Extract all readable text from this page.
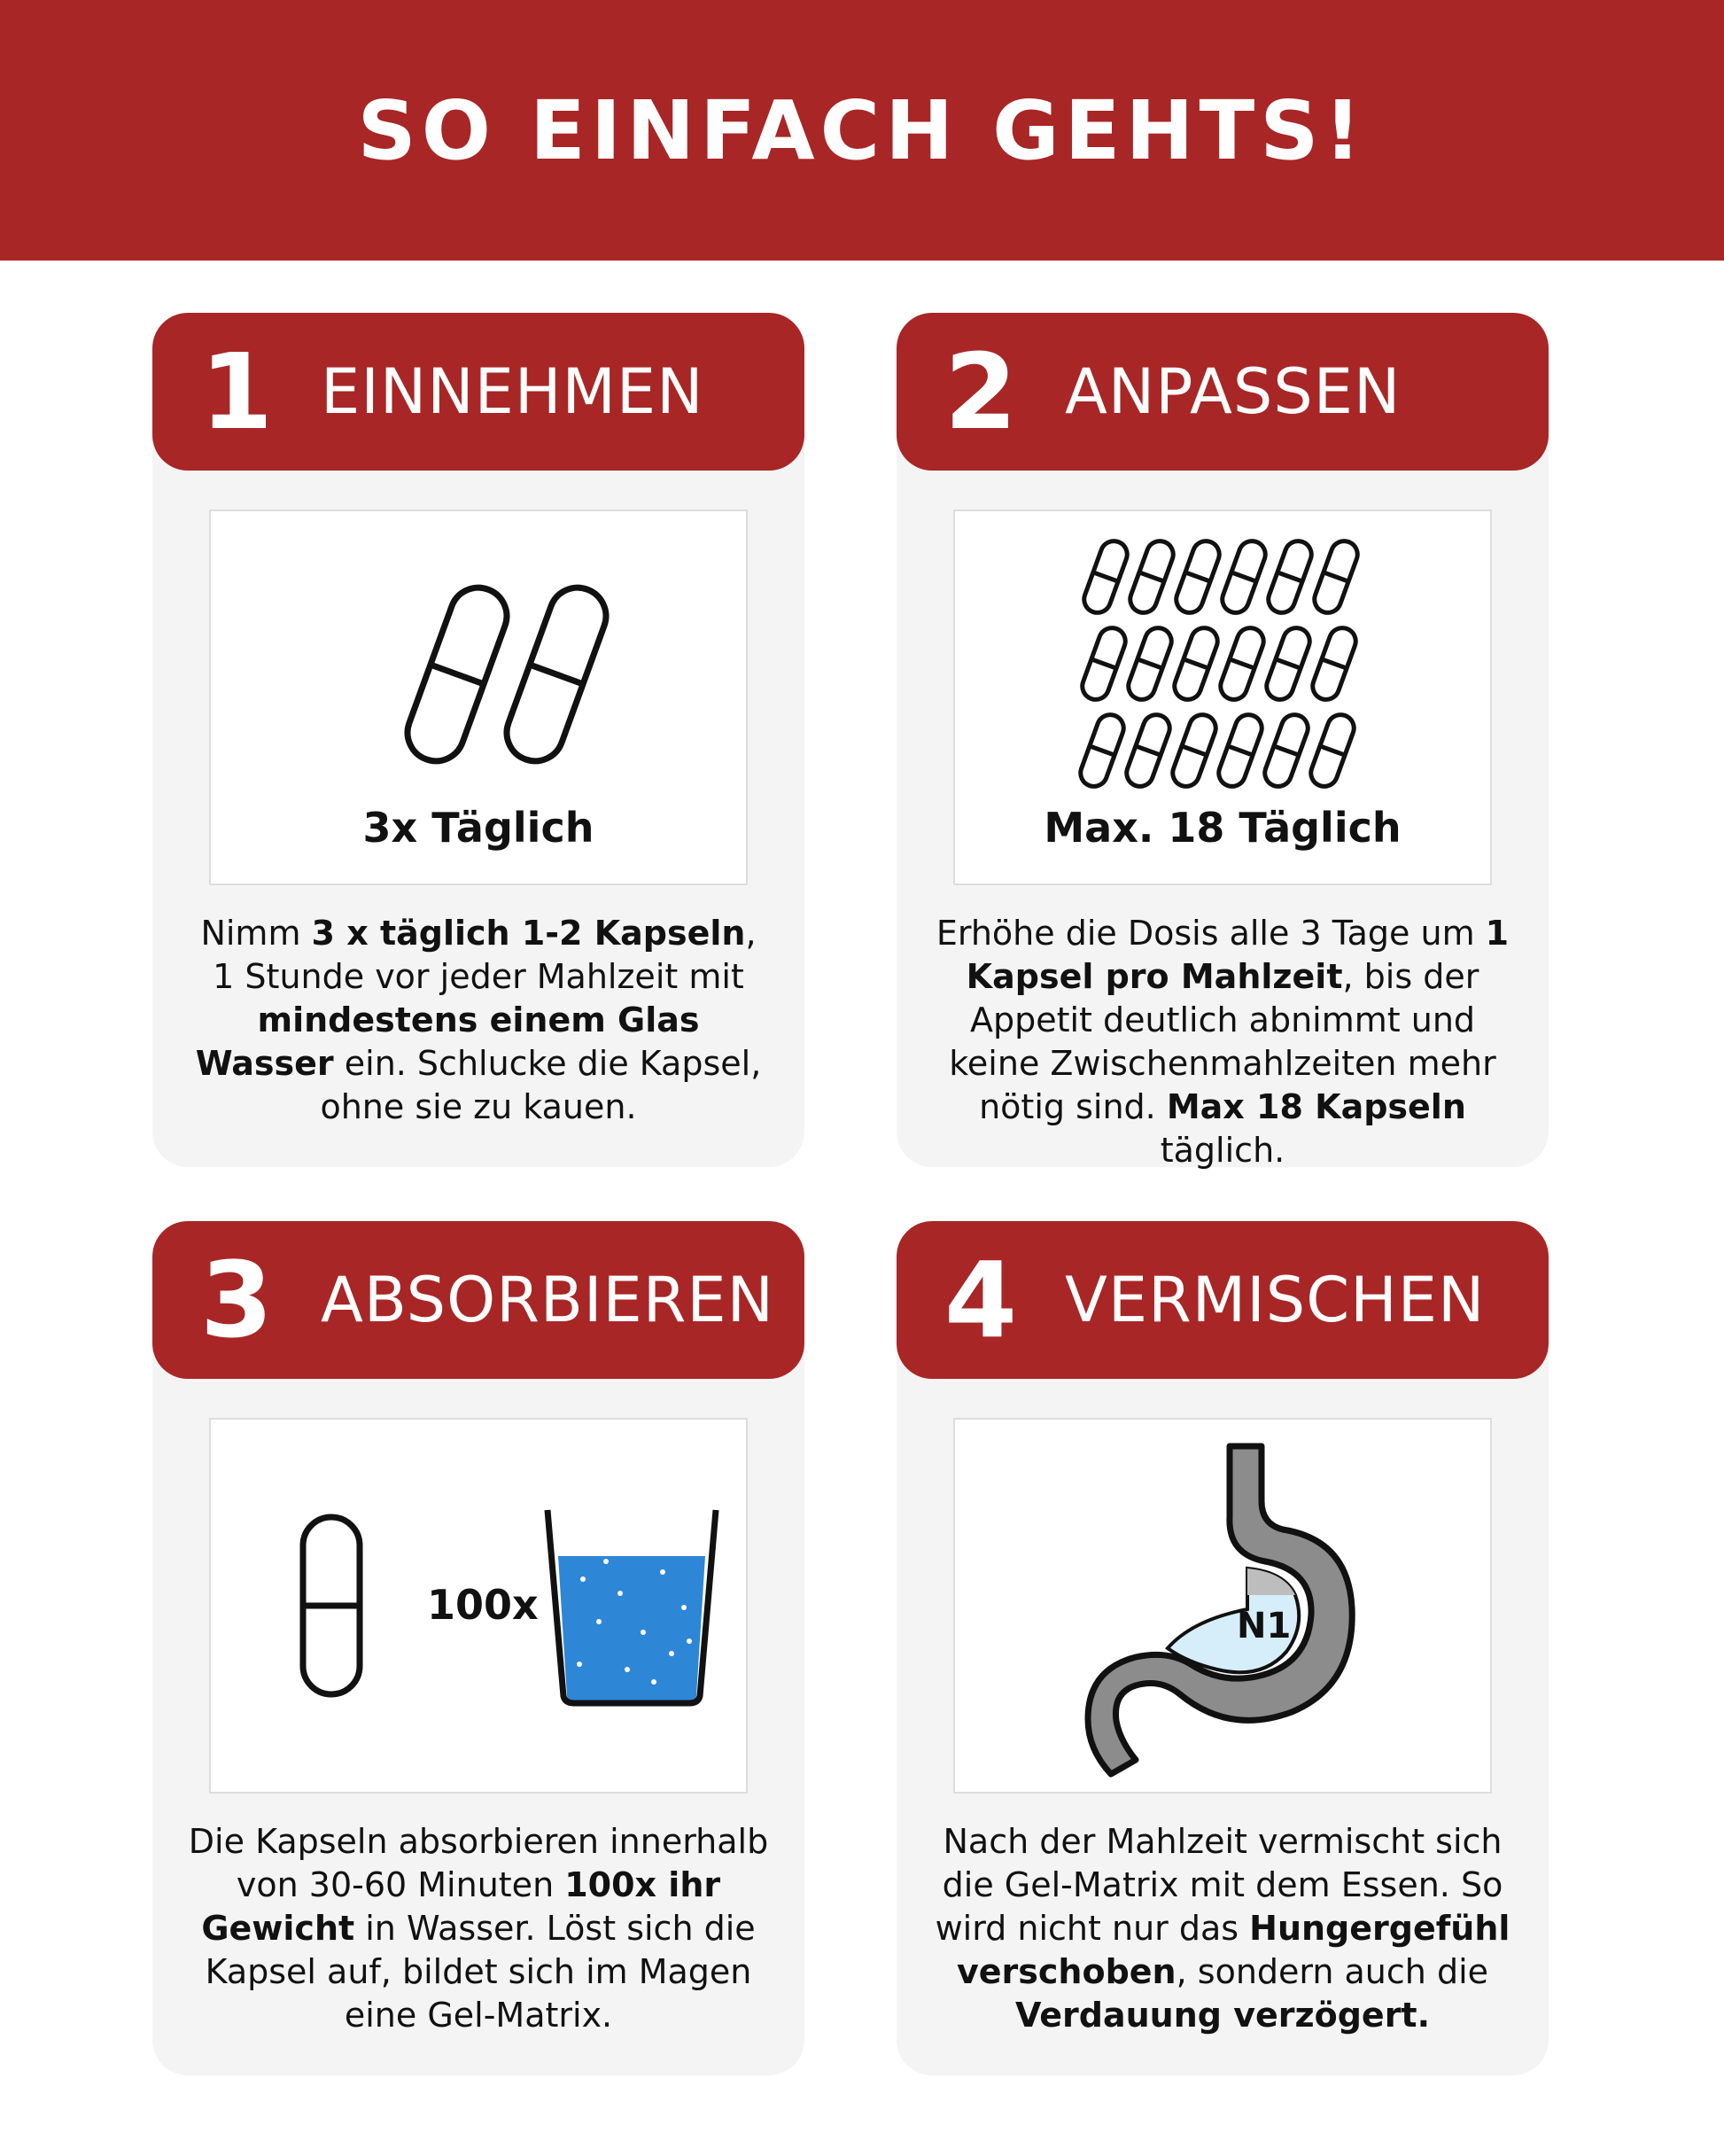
SO EINFACH GEHTS!
1 EINNEHMEN
3x Täglich
Nimm 3 x täglich 1-2 Kapseln, 1 Stunde vor jeder Mahlzeit mit mindestens einem Glas Wasser ein. Schlucke die Kapsel, ohne sie zu kauen.
2 ANPASSEN
Max. 18 Täglich
Erhöhe die Dosis alle 3 Tage um 1 Kapsel pro Mahlzeit, bis der Appetit deutlich abnimmt und keine Zwischenmahlzeiten mehr nötig sind. Max 18 Kapseln täglich.
3 ABSORBIEREN
100x
Die Kapseln absorbieren innerhalb von 30-60 Minuten 100x ihr Gewicht in Wasser. Löst sich die Kapsel auf, bildet sich im Magen eine Gel-Matrix.
4 VERMISCHEN
N1
Nach der Mahlzeit vermischt sich die Gel-Matrix mit dem Essen. So wird nicht nur das Hungergefühl verschoben, sondern auch die Verdauung verzögert.
